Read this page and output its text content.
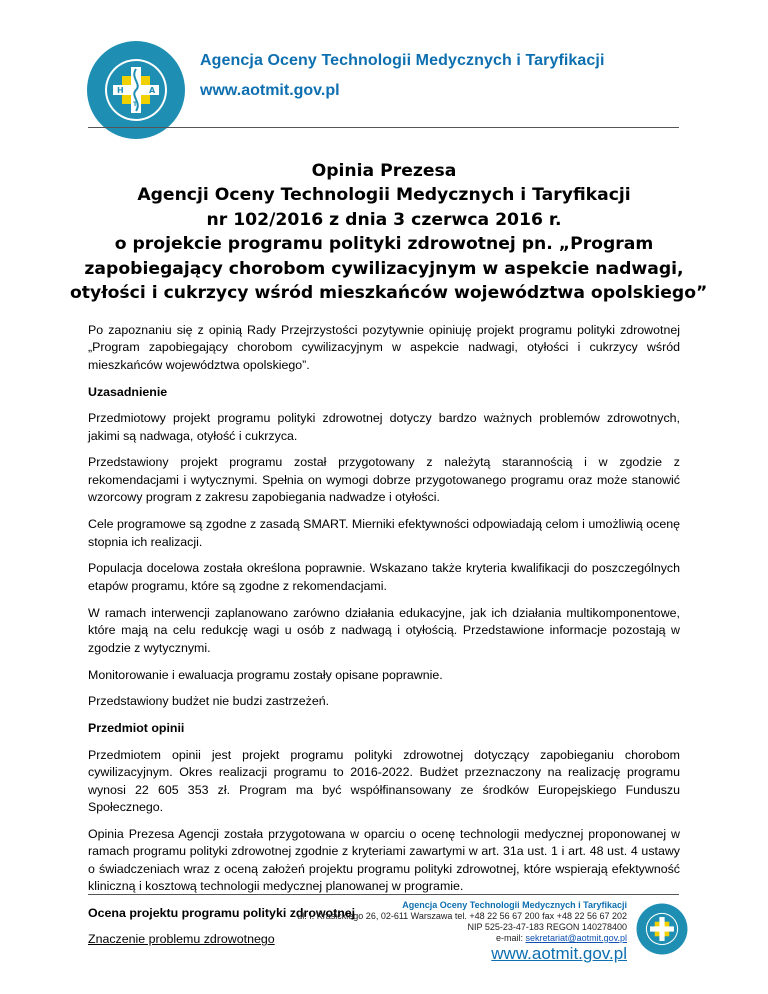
H
T
A
Agencja Oceny Technologii Medycznych i Taryfikacji
www.aotmit.gov.pl
Opinia Prezesa
Agencji Oceny Technologii Medycznych i Taryfikacji
nr 102/2016 z dnia 3 czerwca 2016 r.
o projekcie programu polityki zdrowotnej pn. „Program
zapobiegający chorobom cywilizacyjnym w aspekcie nadwagi,
otyłości i cukrzycy wśród mieszkańców województwa opolskiego”

Po zapoznaniu się z opinią Rady Przejrzystości pozytywnie opiniuję projekt programu polityki zdrowotnej „Program zapobiegający chorobom cywilizacyjnym w aspekcie nadwagi, otyłości i cukrzycy wśród mieszkańców województwa opolskiego”.

Uzasadnienie

Przedmiotowy projekt programu polityki zdrowotnej dotyczy bardzo ważnych problemów zdrowotnych, jakimi są nadwaga, otyłość i cukrzyca.

Przedstawiony projekt programu został przygotowany z należytą starannością i w zgodzie z rekomendacjami i wytycznymi. Spełnia on wymogi dobrze przygotowanego programu oraz może stanowić wzorcowy program z zakresu zapobiegania nadwadze i otyłości.

Cele programowe są zgodne z zasadą SMART. Mierniki efektywności odpowiadają celom i umożliwią ocenę stopnia ich realizacji.

Populacja docelowa została określona poprawnie. Wskazano także kryteria kwalifikacji do poszczególnych etapów programu, które są zgodne z rekomendacjami.

W ramach interwencji zaplanowano zarówno działania edukacyjne, jak ich działania multikomponentowe, które mają na celu redukcję wagi u osób z nadwagą i otyłością. Przedstawione informacje pozostają w zgodzie z wytycznymi.

Monitorowanie i ewaluacja programu zostały opisane poprawnie.

Przedstawiony budżet nie budzi zastrzeżeń.

Przedmiot opinii

Przedmiotem opinii jest projekt programu polityki zdrowotnej dotyczący zapobieganiu chorobom cywilizacyjnym. Okres realizacji programu to 2016-2022. Budżet przeznaczony na realizację programu wynosi 22 605 353 zł. Program ma być współfinansowany ze środków Europejskiego Funduszu Społecznego.

Opinia Prezesa Agencji została przygotowana w oparciu o ocenę technologii medycznej proponowanej w ramach programu polityki zdrowotnej zgodnie z kryteriami zawartymi w art. 31a ust. 1 i art. 48 ust. 4 ustawy o świadczeniach wraz z oceną założeń projektu programu polityki zdrowotnej, które wspierają efektywność kliniczną i kosztową technologii medycznej planowanej w programie.

Ocena projektu programu polityki zdrowotnej

Znaczenie problemu zdrowotnego

Agencja Oceny Technologii Medycznych i Taryfikacji
ul. I. Krasickiego 26, 02-611 Warszawa tel. +48 22 56 67 200 fax +48 22 56 67 202
NIP 525-23-47-183 REGON 140278400
e-mail: sekretariat@aotmit.gov.pl
www.aotmit.gov.pl
